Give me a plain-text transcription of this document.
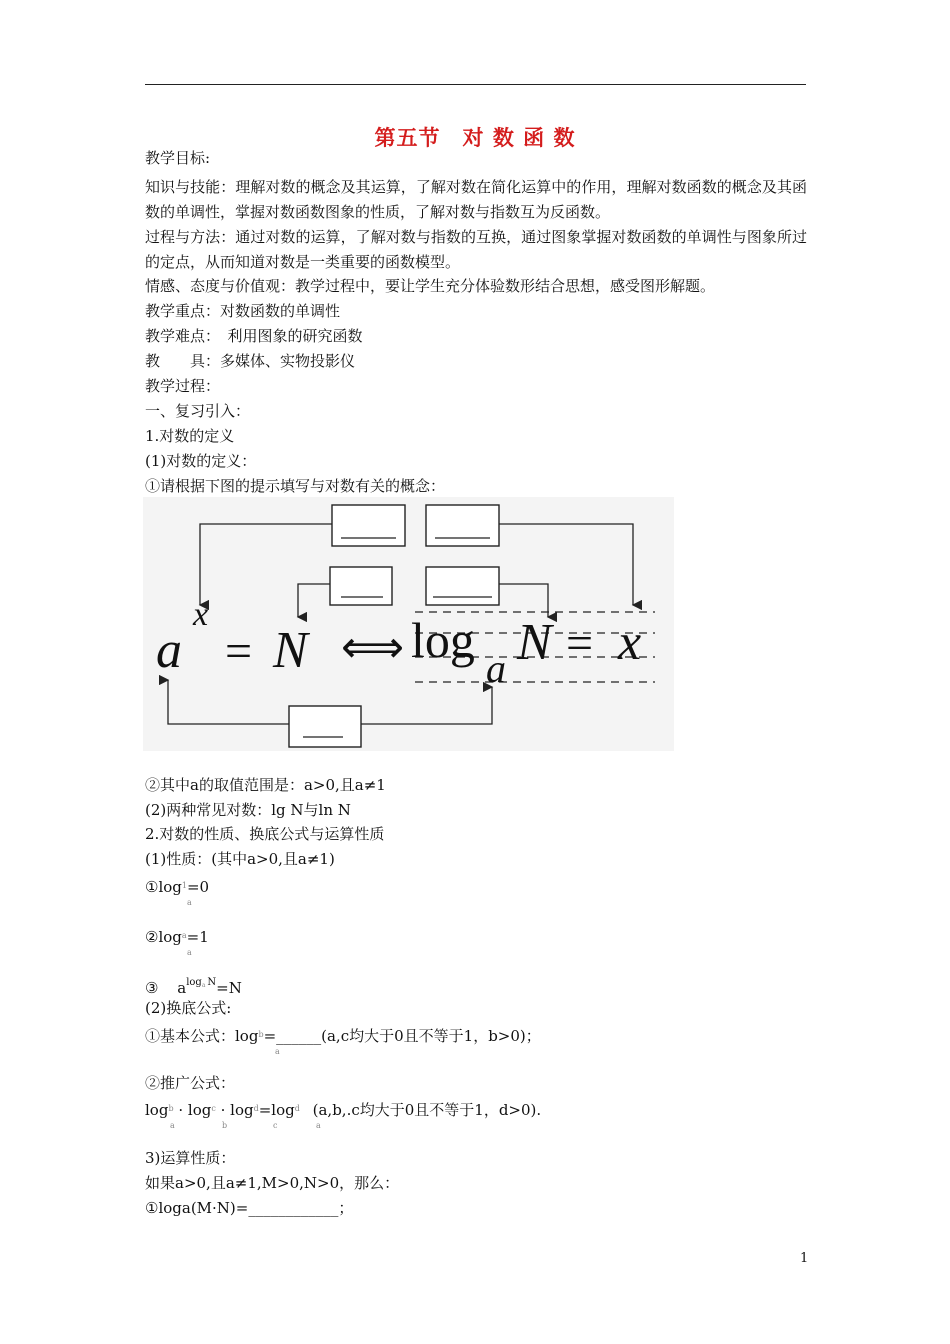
第五节　对 数 函 数
教学目标:
知识与技能：理解对数的概念及其运算，了解对数在简化运算中的作用，理解对数函数的概念及其函数的单调性，掌握对数函数图象的性质，了解对数与指数互为反函数。
过程与方法：通过对数的运算，了解对数与指数的互换，通过图象掌握对数函数的单调性与图象所过的定点，从而知道对数是一类重要的函数模型。
情感、态度与价值观：教学过程中，要让学生充分体验数形结合思想，感受图形解题。
教学重点：对数函数的单调性
教学难点：　利用图象的研究函数
教　　具：多媒体、实物投影仪
教学过程：
一、复习引入：
1.对数的定义
(1)对数的定义：
①请根据下图的提示填写与对数有关的概念：
a
x
= N ⟺ log
a N = x
②其中a的取值范围是：a>0,且a≠1
(2)两种常见对数：lg N与ln N
2.对数的性质、换底公式与运算性质
(1)性质：(其中a>0,且a≠1)
$①\log^1=0$
a
$②\log^a=1$
a
③ $a^{loga}$ $^N$=N
(2)换底公式:
①基本公式：$\log^b=\_\_\_\_\_\_(a,c$均大于0且不等于1，b>0)；
a
②推广公式：
$\log^b \cdot \log^c \cdot \log^d=\log^d$ (a,b,.c均大于0且不等于1，d>0).
a	b	c	a
3)运算性质：
如果a>0,且a≠1,M>0,N>0，那么：
①loga(M·N)=____________；
1
